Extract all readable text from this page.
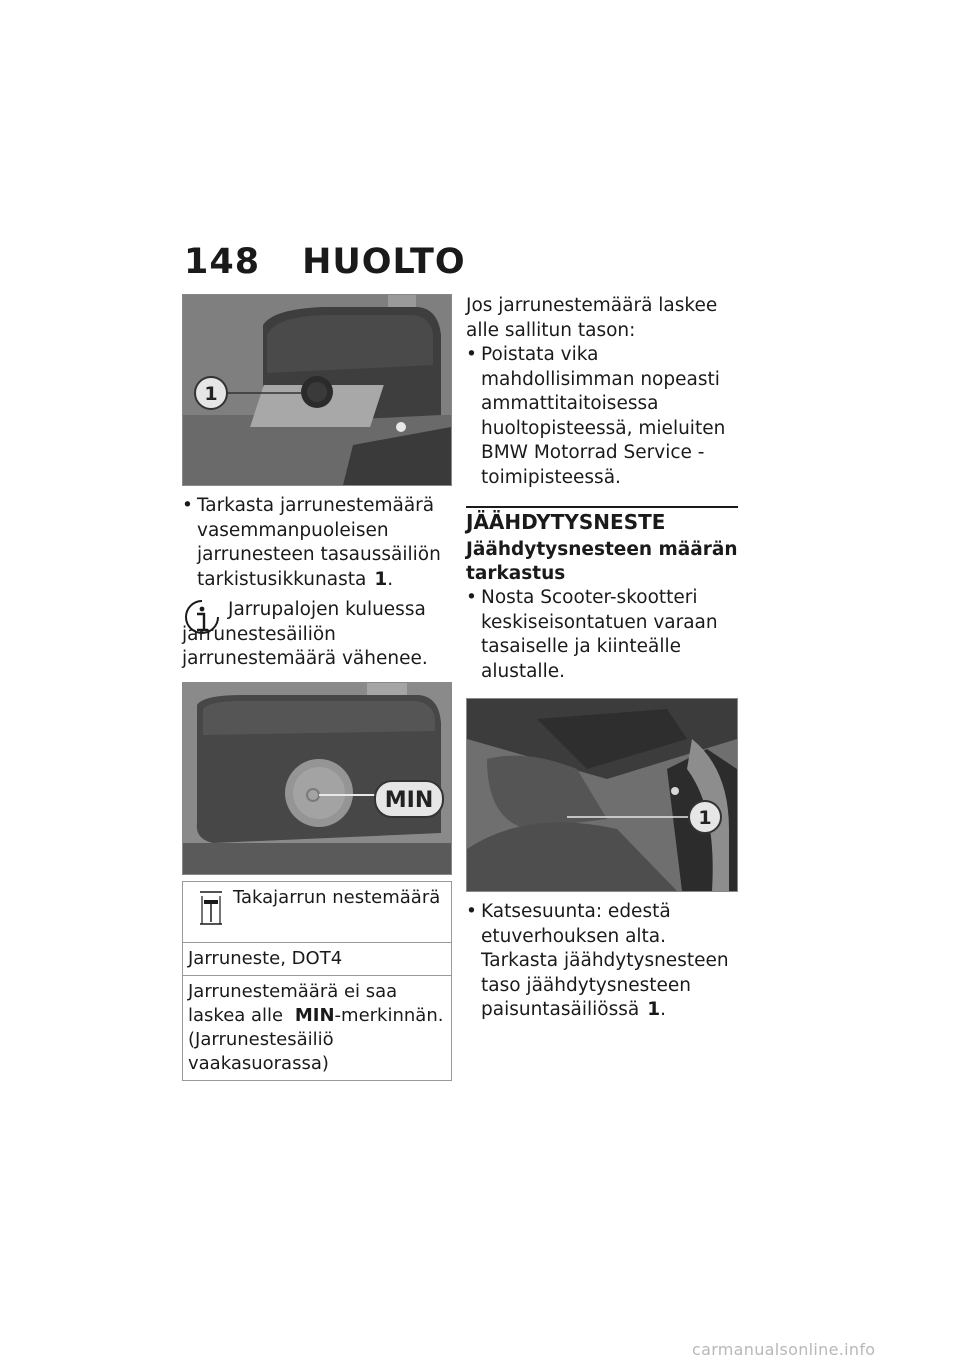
148 HUOLTO
1
• Tarkasta jarrunestemäärä vasemmanpuoleisen jarrunesteen tasaussäiliön tarkistusikkunasta 1.
Jarrupalojen kuluessa jarrunestesäiliön jarrunestemäärä vähenee.
MIN
Takajarrun nestemäärä
Jarruneste, DOT4
Jarrunestemäärä ei saa laskea alle MIN-merkinnän. (Jarrunestesäiliö vaakasuorassa)
Jos jarrunestemäärä laskee alle sallitun tason:
• Poistata vika mahdollisimman nopeasti ammattitaitoisessa huoltopisteessä, mieluiten BMW Motorrad Service -toimipisteessä.
JÄÄHDYTYSNESTE
Jäähdytysnesteen määrän tarkastus
• Nosta Scooter-skootteri keskiseisontatuen varaan tasaiselle ja kiinteälle alustalle.
1
• Katsesuunta: edestä etuverhouksen alta. Tarkasta jäähdytysnesteen taso jäähdytysnesteen paisuntasäiliössä 1.
carmanualsonline.info
